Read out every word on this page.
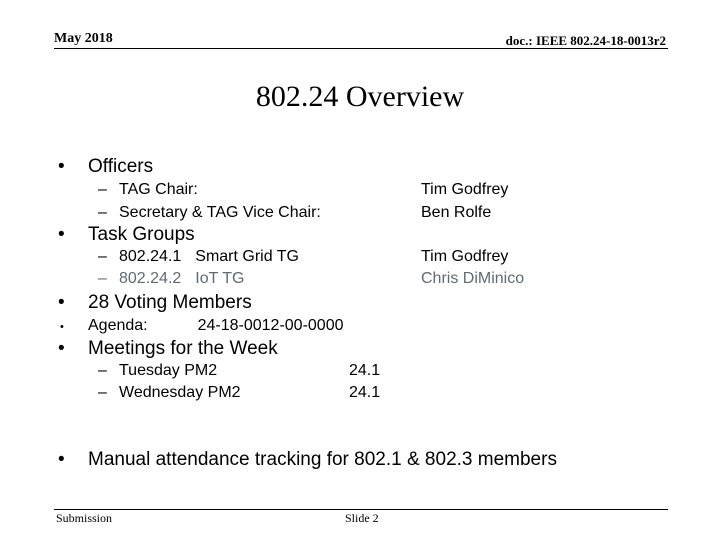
May 2018	doc.: IEEE 802.24-18-0013r2
802.24 Overview
• Officers
– TAG Chair:	Tim Godfrey
– Secretary & TAG Vice Chair:	Ben Rolfe
• Task Groups
– 802.24.1 Smart Grid TG	Tim Godfrey
– 802.24.2 IoT TG	Chris DiMinico
• 28 Voting Members
• Agenda:	24-18-0012-00-0000
• Meetings for the Week
– Tuesday PM2	24.1
– Wednesday PM2	24.1
• Manual attendance tracking for 802.1 & 802.3 members
Submission	Slide 2
